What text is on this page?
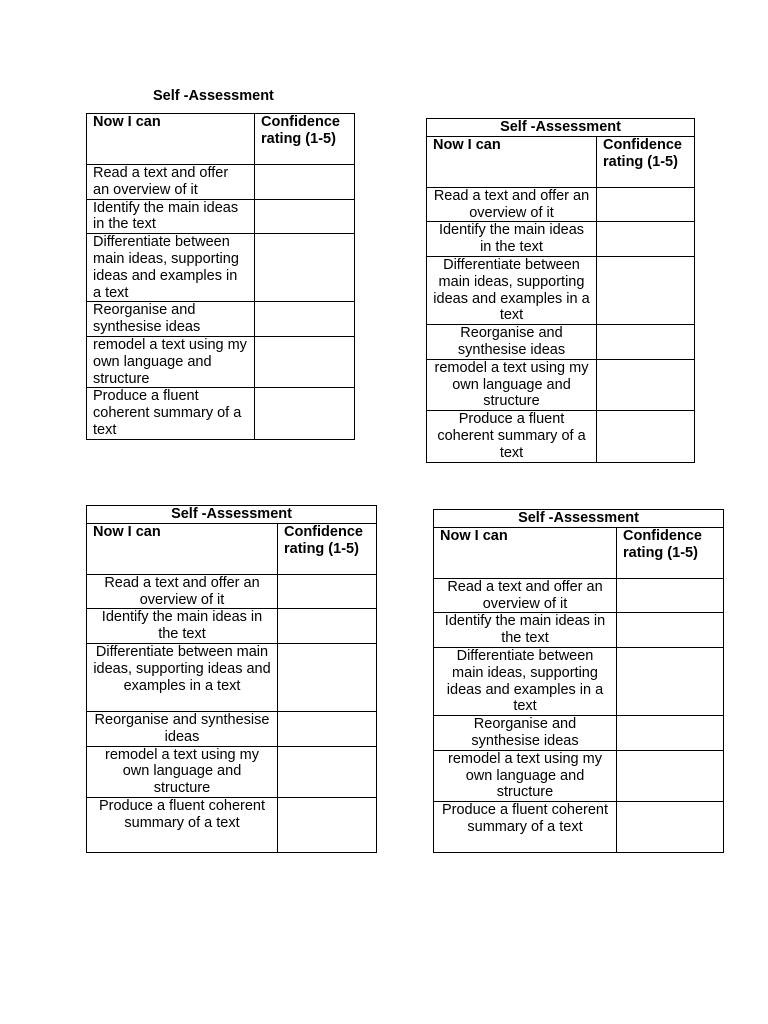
Self -Assessment
Now I can	Confidence rating (1-5)
Read a text and offer an overview of it	
Identify the main ideas in the text	
Differentiate between main ideas, supporting ideas and examples in a text	
Reorganise and synthesise ideas	
remodel a text using my own language and structure	
Produce a fluent coherent summary of a text	
Self -Assessment	
Now I can	Confidence rating (1-5)
Read a text and offer an overview of it	
Identify the main ideas in the text	
Differentiate between main ideas, supporting ideas and examples in a text	
Reorganise and synthesise ideas	
remodel a text using my own language and structure	
Produce a fluent coherent summary of a text	
Self -Assessment	
Now I can	Confidence rating (1-5)
Read a text and offer an overview of it	
Identify the main ideas in the text	
Differentiate between main ideas, supporting ideas and examples in a text	
Reorganise and synthesise ideas	
remodel a text using my own language and structure	
Produce a fluent coherent summary of a text	
Self -Assessment	
Now I can	Confidence rating (1-5)
Read a text and offer an overview of it	
Identify the main ideas in the text	
Differentiate between main ideas, supporting ideas and examples in a text	
Reorganise and synthesise ideas	
remodel a text using my own language and structure	
Produce a fluent coherent summary of a text	
